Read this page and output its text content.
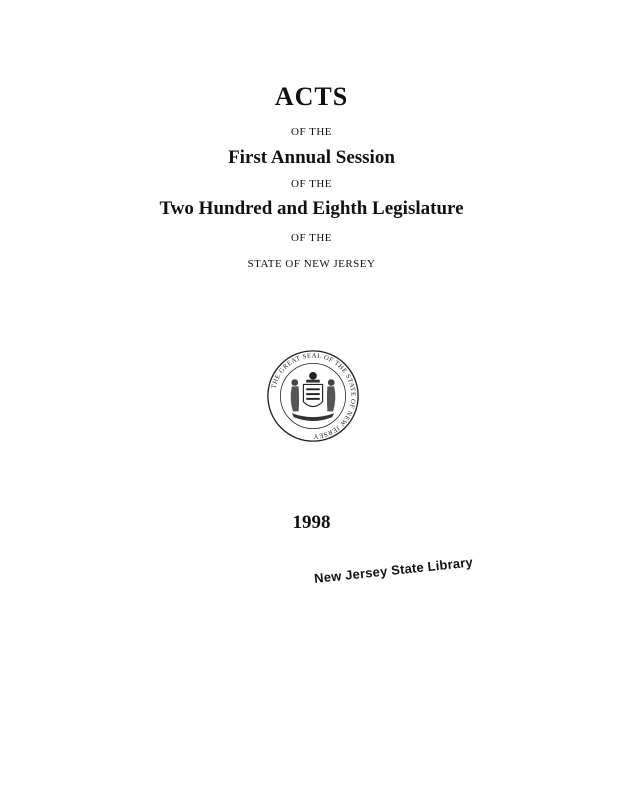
ACTS
OF THE
First Annual Session
OF THE
Two Hundred and Eighth Legislature
OF THE
STATE OF NEW JERSEY
THE GREAT SEAL OF THE STATE OF NEW JERSEY
1998
New Jersey State Library
